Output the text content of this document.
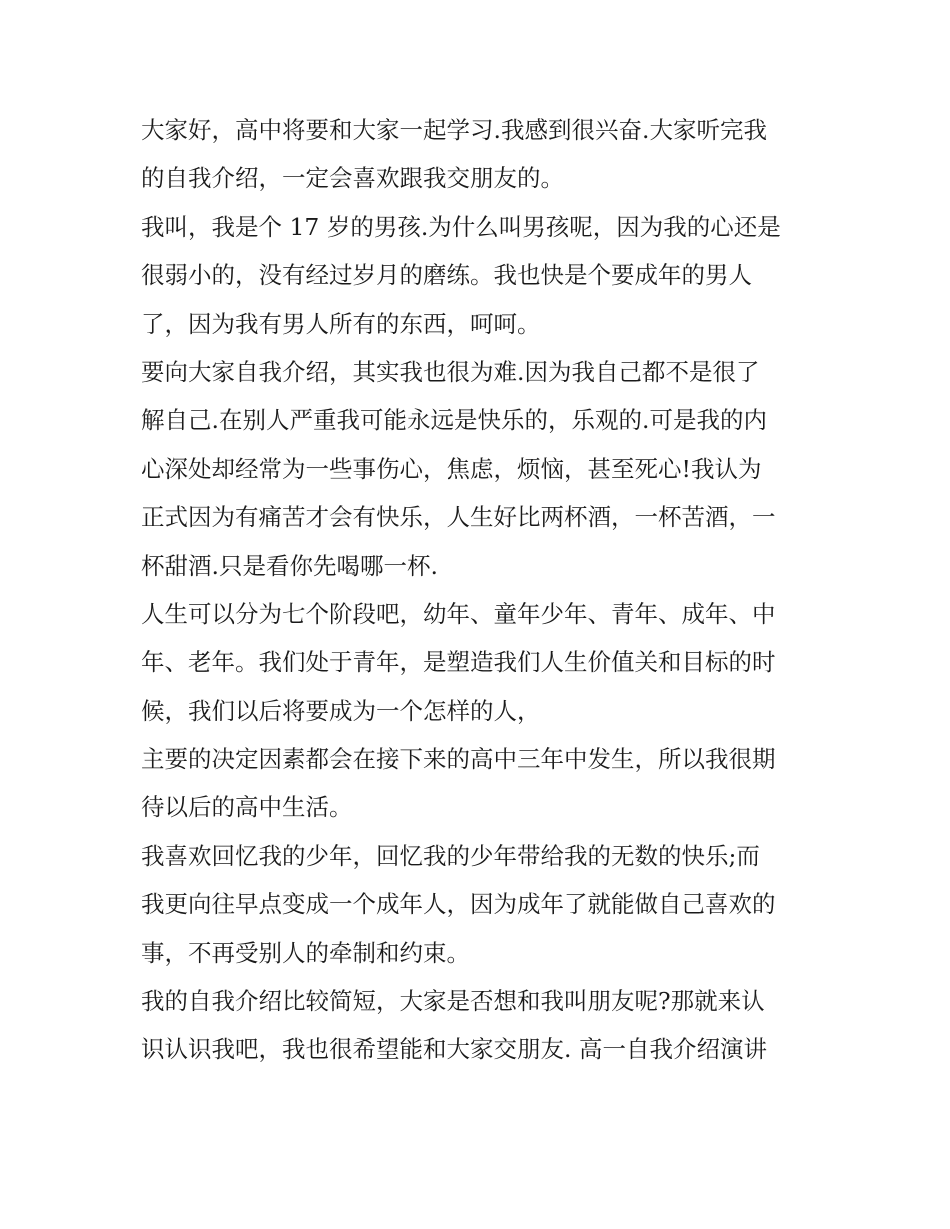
大家好，高中将要和大家一起学习.我感到很兴奋.大家听完我
的自我介绍，一定会喜欢跟我交朋友的。
我叫，我是个 17 岁的男孩.为什么叫男孩呢，因为我的心还是
很弱小的，没有经过岁月的磨练。我也快是个要成年的男人
了，因为我有男人所有的东西，呵呵。
要向大家自我介绍，其实我也很为难.因为我自己都不是很了
解自己.在别人严重我可能永远是快乐的，乐观的.可是我的内
心深处却经常为一些事伤心，焦虑，烦恼，甚至死心!我认为
正式因为有痛苦才会有快乐，人生好比两杯酒，一杯苦酒，一
杯甜酒.只是看你先喝哪一杯.
人生可以分为七个阶段吧，幼年、童年少年、青年、成年、中
年、老年。我们处于青年，是塑造我们人生价值关和目标的时
候，我们以后将要成为一个怎样的人，
主要的决定因素都会在接下来的高中三年中发生，所以我很期
待以后的高中生活。
我喜欢回忆我的少年，回忆我的少年带给我的无数的快乐;而
我更向往早点变成一个成年人，因为成年了就能做自己喜欢的
事，不再受别人的牵制和约束。
我的自我介绍比较简短，大家是否想和我叫朋友呢?那就来认
识认识我吧，我也很希望能和大家交朋友. 高一自我介绍演讲
